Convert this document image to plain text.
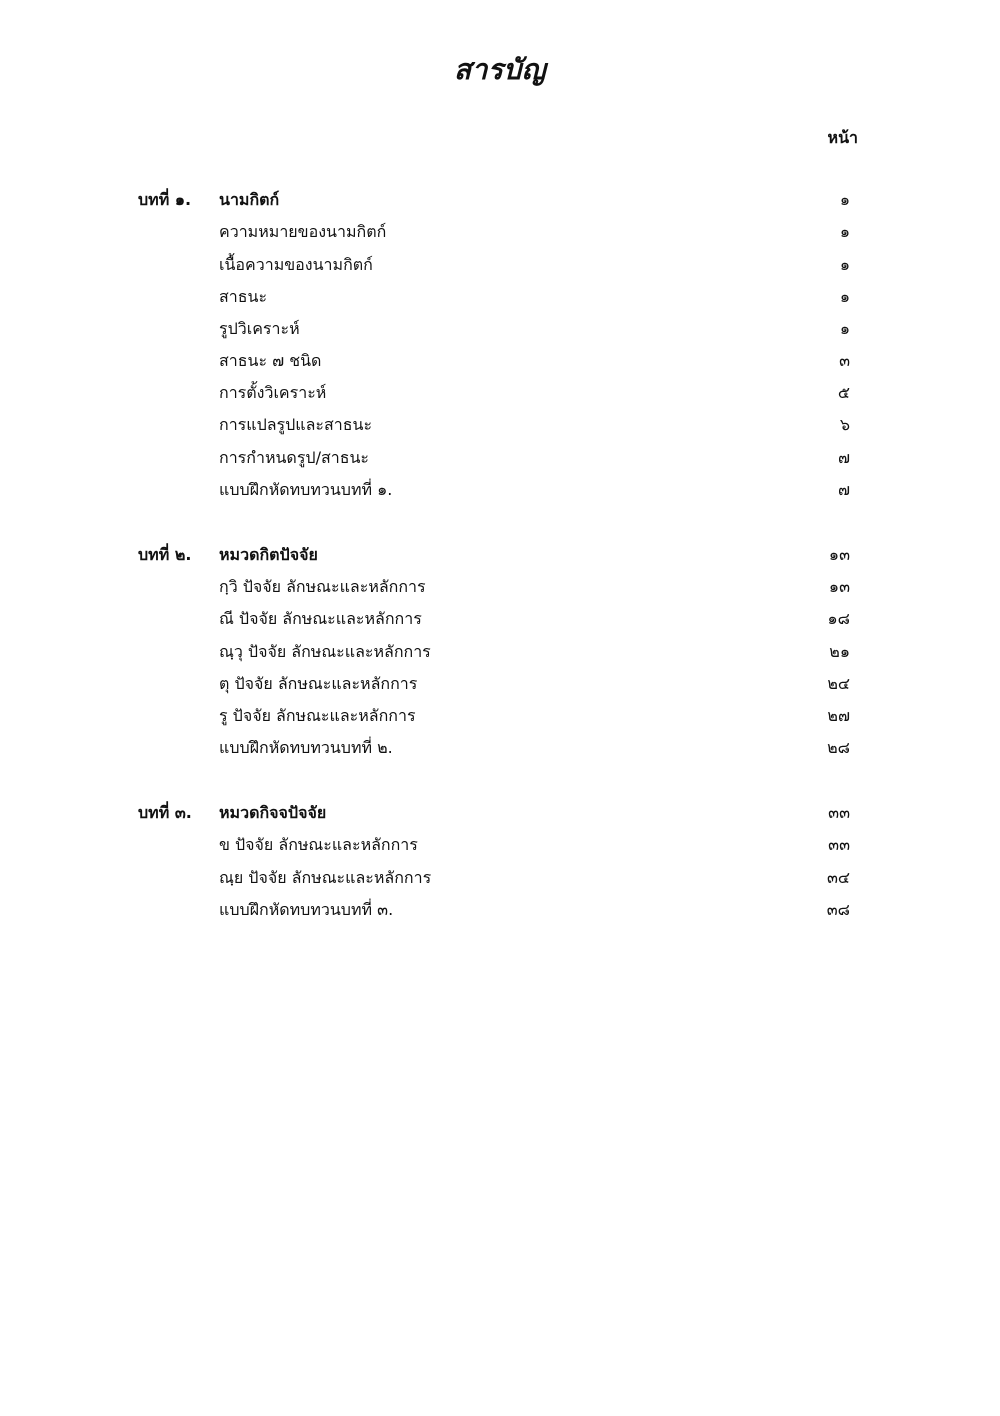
สารบัญ
หน้า
บทที่ ๑. นามกิตก์	๑
ความหมายของนามกิตก์	๑
เนื้อความของนามกิตก์	๑
สาธนะ	๑
รูปวิเคราะห์	๑
สาธนะ ๗ ชนิด	๓
การตั้งวิเคราะห์	๕
การแปลรูปและสาธนะ	๖
การกำหนดรูป/สาธนะ	๗
แบบฝึกหัดทบทวนบทที่ ๑.	๗
บทที่ ๒. หมวดกิตปัจจัย	๑๓
กฺวิ ปัจจัย ลักษณะและหลักการ	๑๓
ณี ปัจจัย ลักษณะและหลักการ	๑๘
ณฺวุ ปัจจัย ลักษณะและหลักการ	๒๑
ตุ ปัจจัย ลักษณะและหลักการ	๒๔
รู ปัจจัย ลักษณะและหลักการ	๒๗
แบบฝึกหัดทบทวนบทที่ ๒.	๒๘
บทที่ ๓. หมวดกิจจปัจจัย	๓๓
ข ปัจจัย ลักษณะและหลักการ	๓๓
ณฺย ปัจจัย ลักษณะและหลักการ	๓๔
แบบฝึกหัดทบทวนบทที่ ๓.	๓๘
